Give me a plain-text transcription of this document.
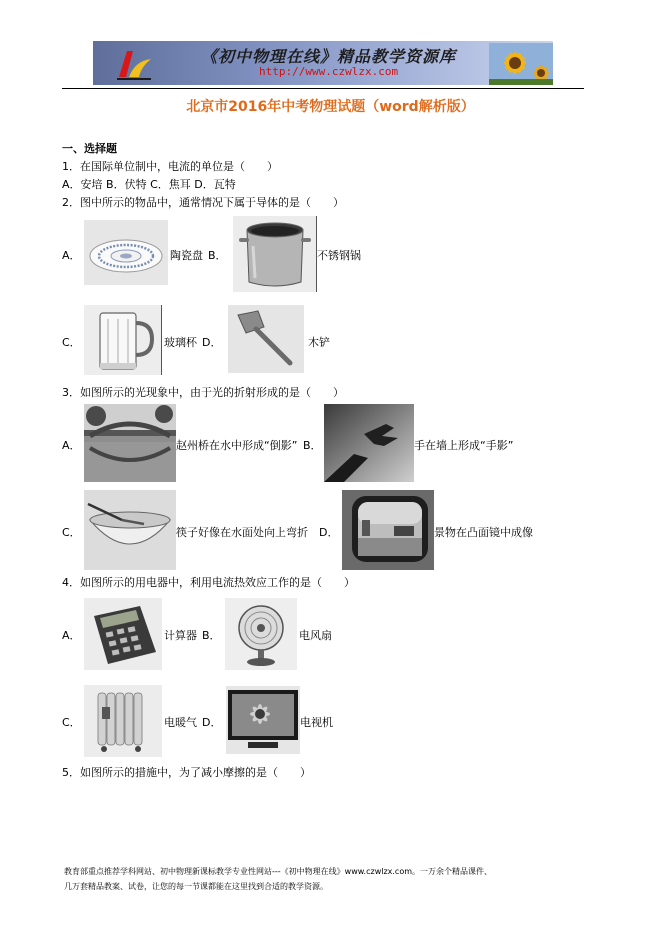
《初中物理在线》精品教学资源库
http://www.czwlzx.com
北京市2016年中考物理试题（word解析版）
一、选择题
1．在国际单位制中，电流的单位是（　　）
A．安培 B．伏特 C．焦耳 D．瓦特
2．图中所示的物品中，通常情况下属于导体的是（　　）
A．	陶瓷盘 B．	不锈钢锅
C．	玻璃杯 D．	木铲
3．如图所示的光现象中，由于光的折射形成的是（　　）
A．	赵州桥在水中形成“倒影” B．	手在墙上形成“手影”
C．	筷子好像在水面处向上弯折 D．	景物在凸面镜中成像
4．如图所示的用电器中，利用电流热效应工作的是（　　）
A．	计算器 B．	电风扇
C．	电暖气 D．	电视机
5．如图所示的措施中，为了减小摩擦的是（　　）
教育部重点推荐学科网站、初中物理新课标教学专业性网站---《初中物理在线》www.czwlzx.com。一万余个精品课件、
几万套精品教案、试卷，让您的每一节课都能在这里找到合适的教学资源。
